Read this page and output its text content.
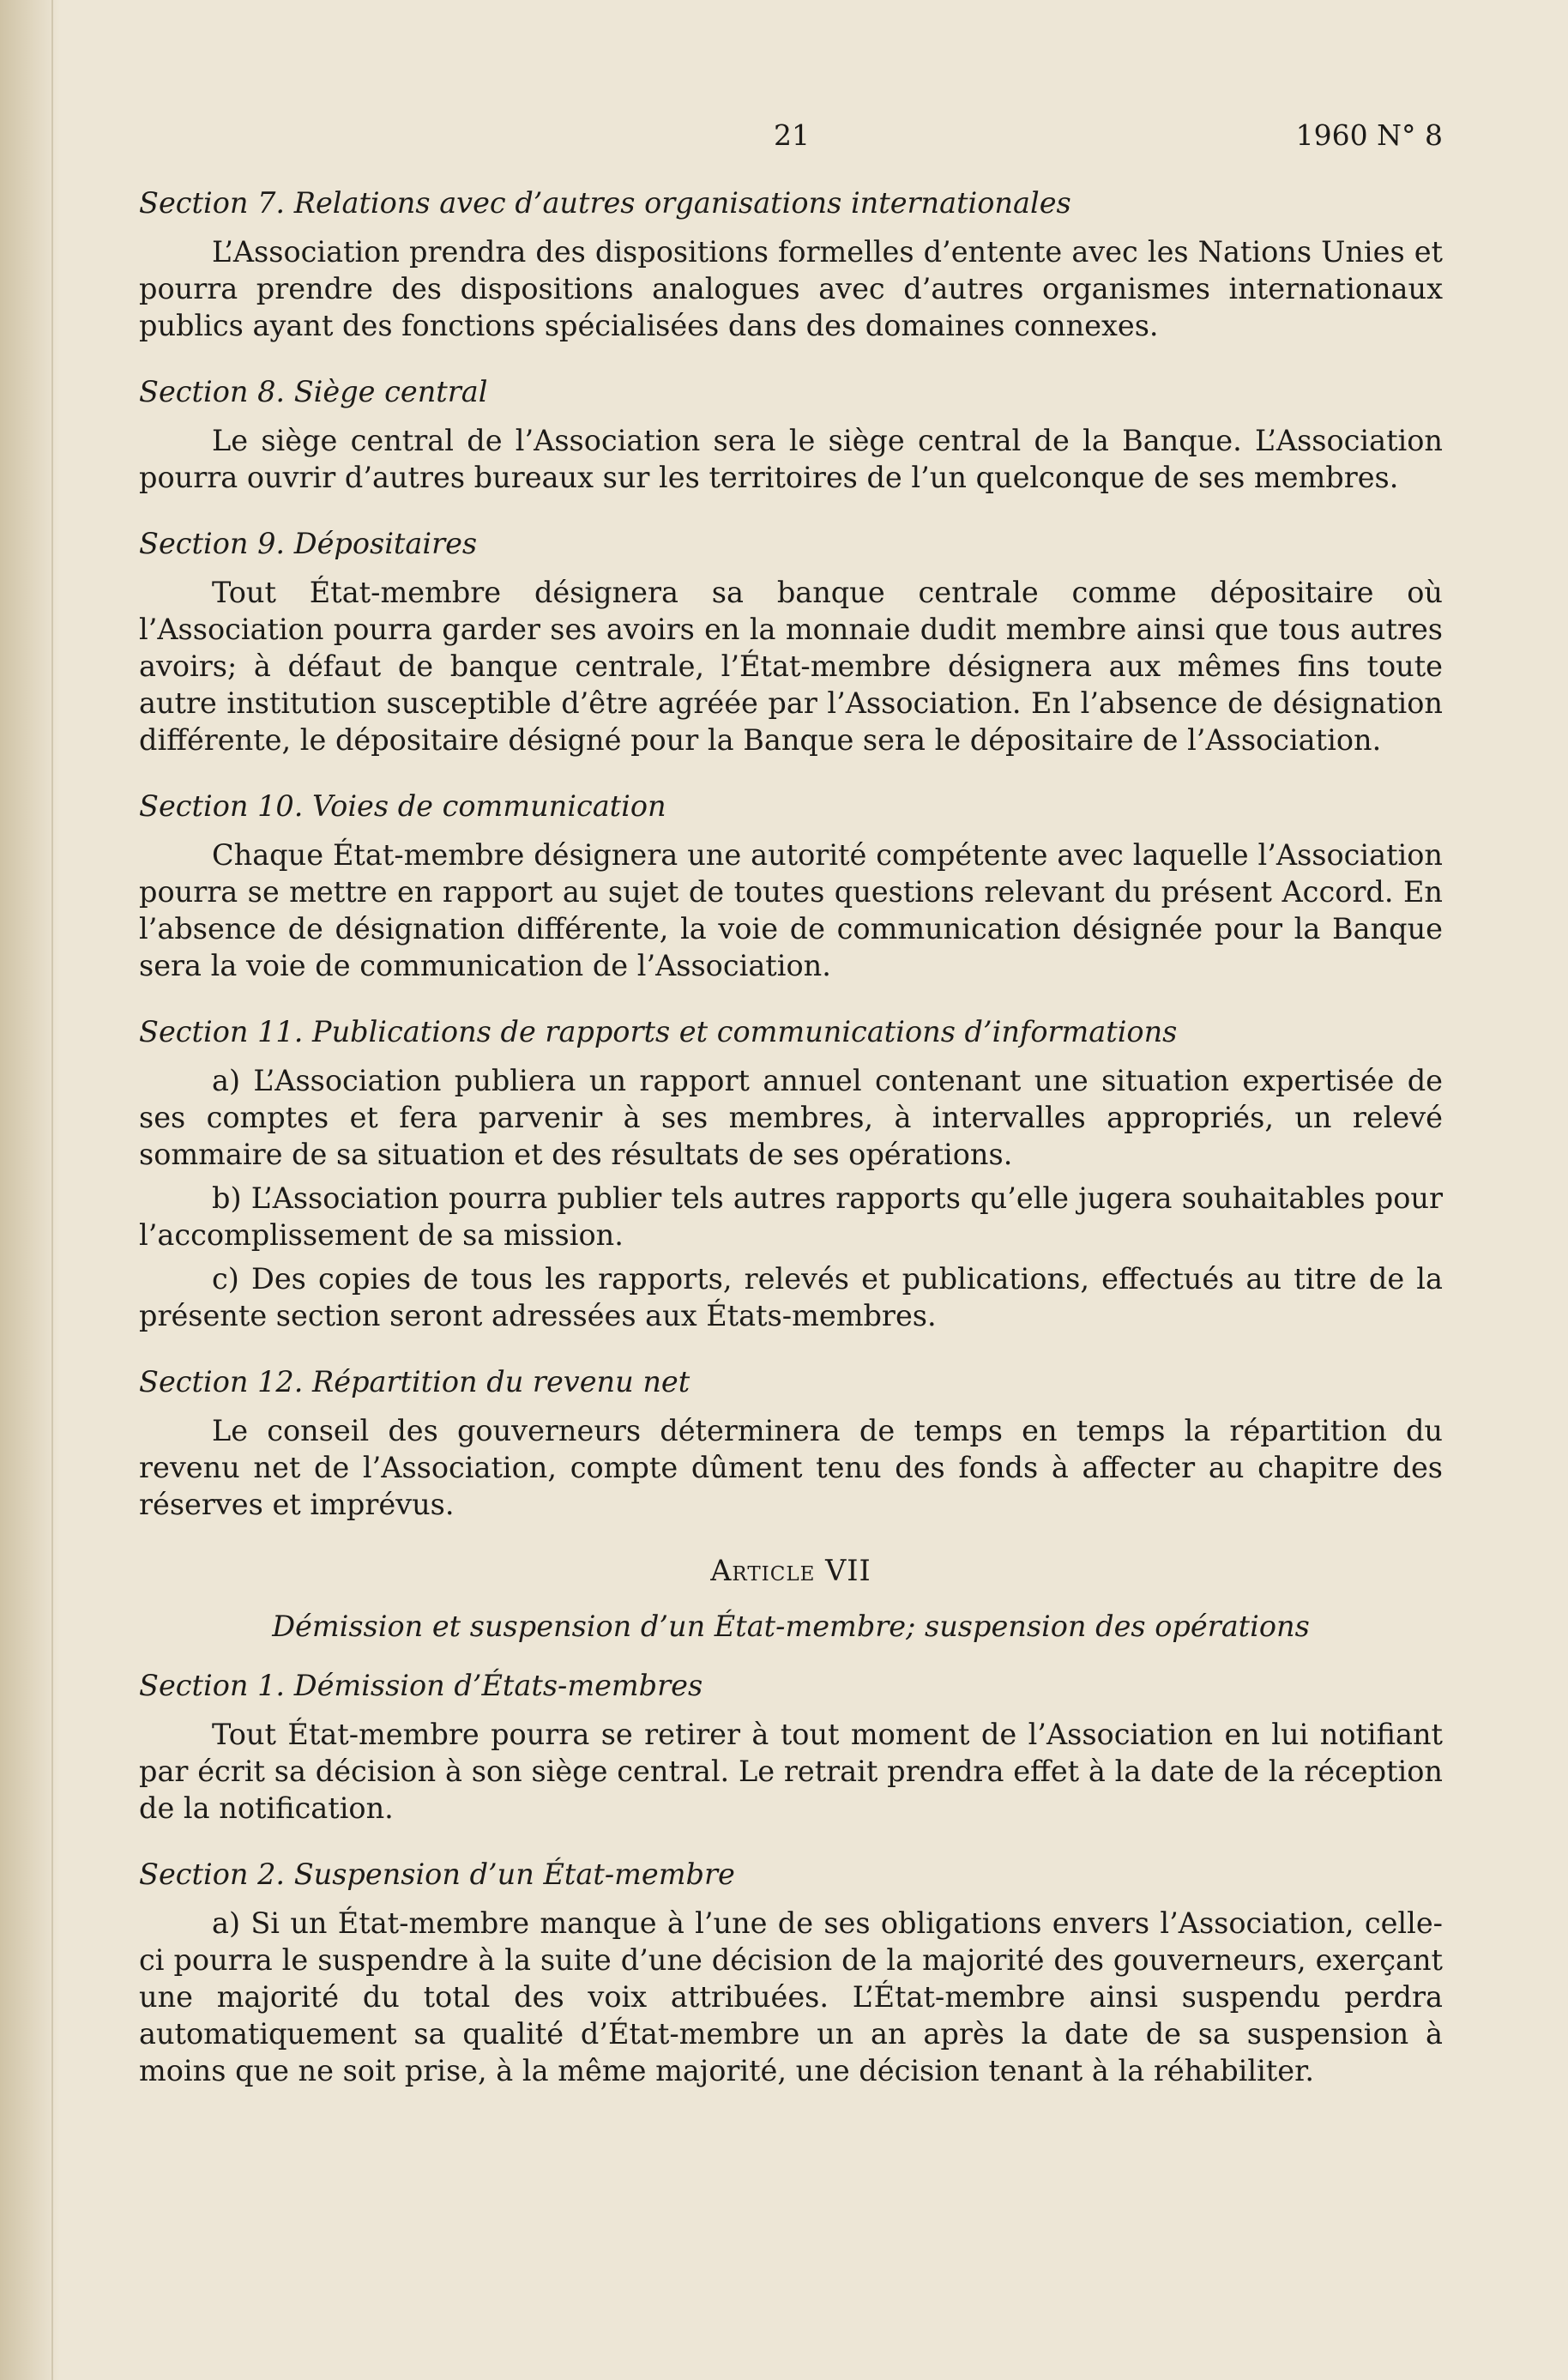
21	1960 N° 8
Section 7. Relations avec d’autres organisations internationales

L’Association prendra des dispositions formelles d’entente avec les Nations Unies et pourra prendre des dispositions analogues avec d’autres organismes internationaux publics ayant des fonctions spécialisées dans des domaines connexes.

Section 8. Siège central

Le siège central de l’Association sera le siège central de la Banque. L’Association pourra ouvrir d’autres bureaux sur les territoires de l’un quelconque de ses membres.

Section 9. Dépositaires

Tout État-membre désignera sa banque centrale comme dépositaire où l’Association pourra garder ses avoirs en la monnaie dudit membre ainsi que tous autres avoirs; à défaut de banque centrale, l’État-membre désignera aux mêmes fins toute autre institution susceptible d’être agréée par l’Association. En l’absence de désignation différente, le dépositaire désigné pour la Banque sera le dépositaire de l’Association.

Section 10. Voies de communication

Chaque État-membre désignera une autorité compétente avec laquelle l’Association pourra se mettre en rapport au sujet de toutes questions relevant du présent Accord. En l’absence de désignation différente, la voie de communication désignée pour la Banque sera la voie de communication de l’Association.

Section 11. Publications de rapports et communications d’informations

a) L’Association publiera un rapport annuel contenant une situation expertisée de ses comptes et fera parvenir à ses membres, à intervalles appropriés, un relevé sommaire de sa situation et des résultats de ses opérations.

b) L’Association pourra publier tels autres rapports qu’elle jugera souhaitables pour l’accomplissement de sa mission.

c) Des copies de tous les rapports, relevés et publications, effectués au titre de la présente section seront adressées aux États-membres.

Section 12. Répartition du revenu net

Le conseil des gouverneurs déterminera de temps en temps la répartition du revenu net de l’Association, compte dûment tenu des fonds à affecter au chapitre des réserves et imprévus.

Article VII
Démission et suspension d’un État-membre; suspension des opérations
Section 1. Démission d’États-membres

Tout État-membre pourra se retirer à tout moment de l’Association en lui notifiant par écrit sa décision à son siège central. Le retrait prendra effet à la date de la réception de la notification.

Section 2. Suspension d’un État-membre

a) Si un État-membre manque à l’une de ses obligations envers l’Association, celle-ci pourra le suspendre à la suite d’une décision de la majorité des gouverneurs, exerçant une majorité du total des voix attribuées. L’État-membre ainsi suspendu perdra automatiquement sa qualité d’État-membre un an après la date de sa suspension à moins que ne soit prise, à la même majorité, une décision tenant à la réhabiliter.
